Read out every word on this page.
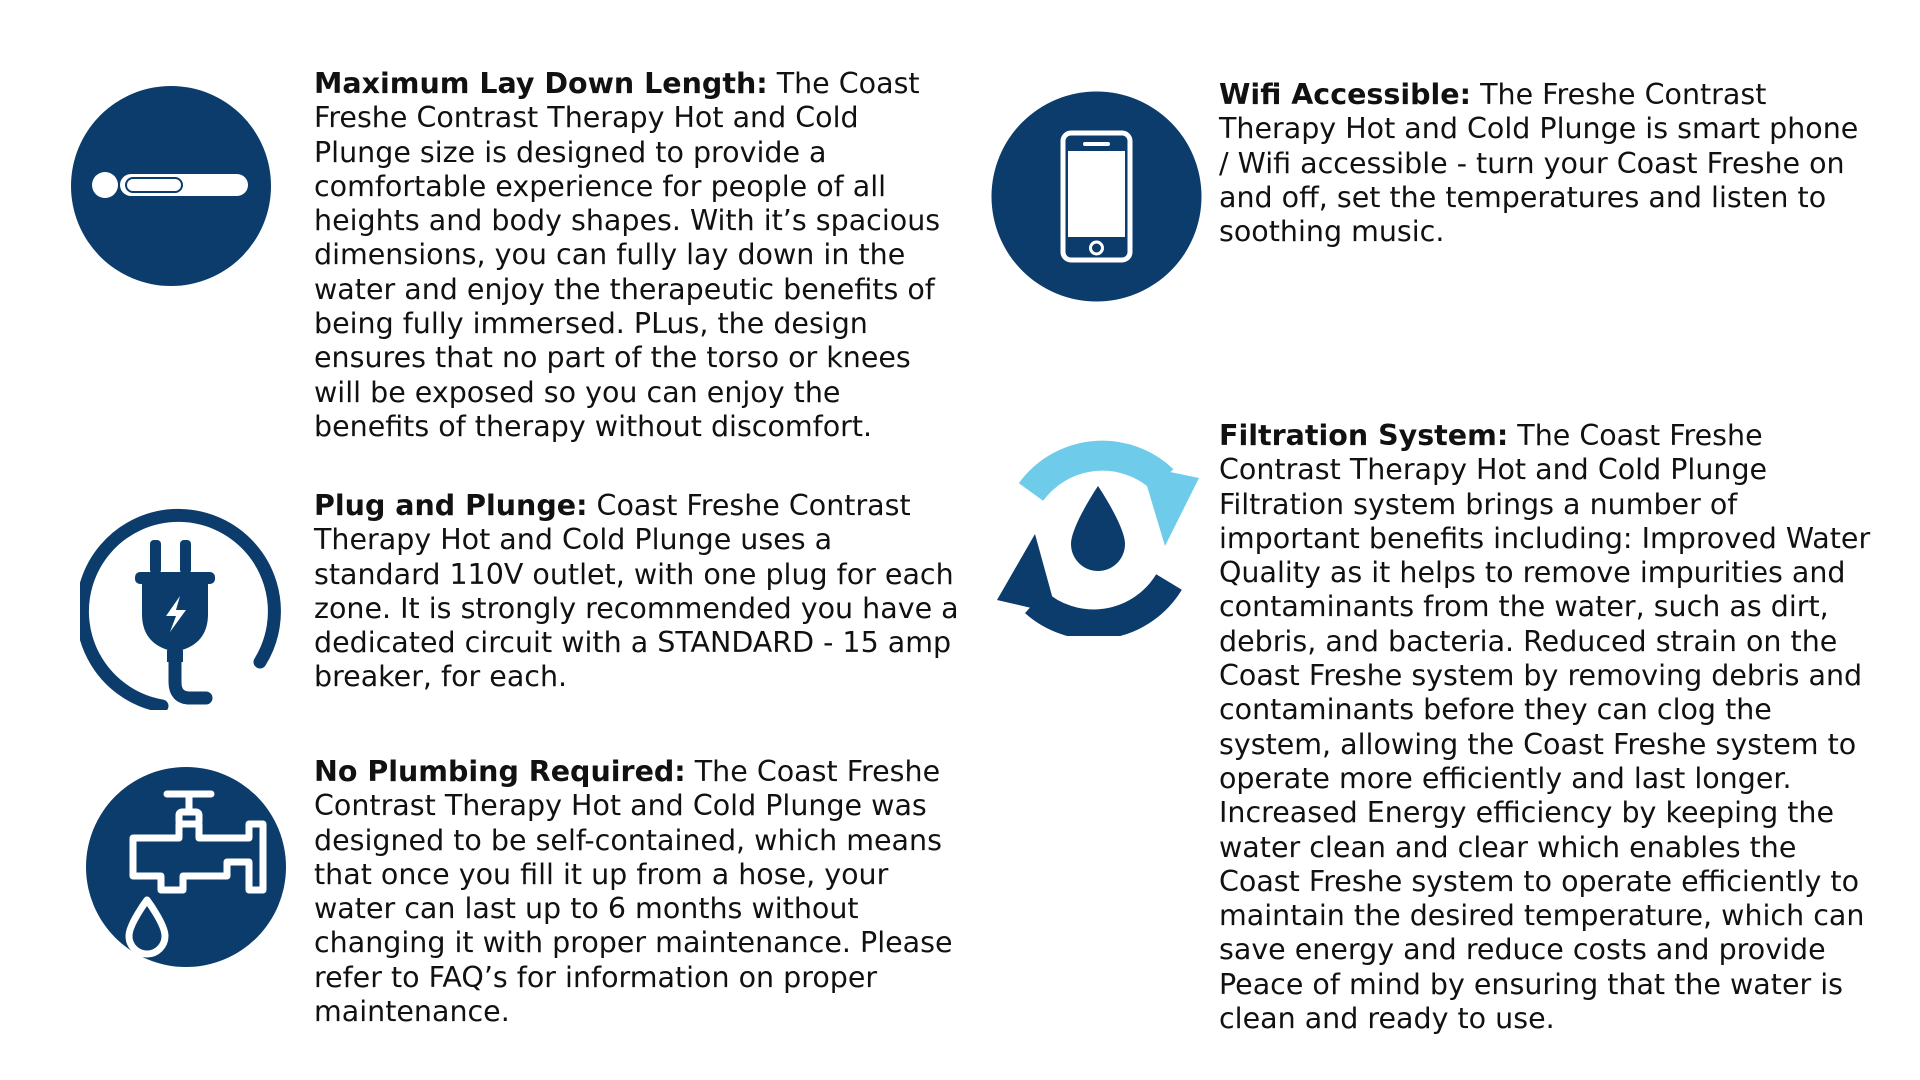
Maximum Lay Down Length: The Coast Freshe Contrast Therapy Hot and Cold Plunge size is designed to provide a comfortable experience for people of all heights and body shapes. With it’s spacious dimensions, you can fully lay down in the water and enjoy the therapeutic benefits of being fully immersed. PLus, the design ensures that no part of the torso or knees will be exposed so you can enjoy the benefits of therapy without discomfort.

Plug and Plunge: Coast Freshe Contrast Therapy Hot and Cold Plunge uses a standard 110V outlet, with one plug for each zone. It is strongly recommended you have a dedicated circuit with a STANDARD - 15 amp breaker, for each.

No Plumbing Required: The Coast Freshe Contrast Therapy Hot and Cold Plunge was designed to be self-contained, which means that once you fill it up from a hose, your water can last up to 6 months without changing it with proper maintenance. Please refer to FAQ’s for information on proper maintenance.

Wifi Accessible: The Freshe Contrast Therapy Hot and Cold Plunge is smart phone / Wifi accessible - turn your Coast Freshe on and off, set the temperatures and listen to soothing music.

Filtration System: The Coast Freshe Contrast Therapy Hot and Cold Plunge Filtration system brings a number of important benefits including: Improved Water Quality as it helps to remove impurities and contaminants from the water, such as dirt, debris, and bacteria. Reduced strain on the Coast Freshe system by removing debris and contaminants before they can clog the system, allowing the Coast Freshe system to operate more efficiently and last longer. Increased Energy efficiency by keeping the water clean and clear which enables the Coast Freshe system to operate efficiently to maintain the desired temperature, which can save energy and reduce costs and provide Peace of mind by ensuring that the water is clean and ready to use.
